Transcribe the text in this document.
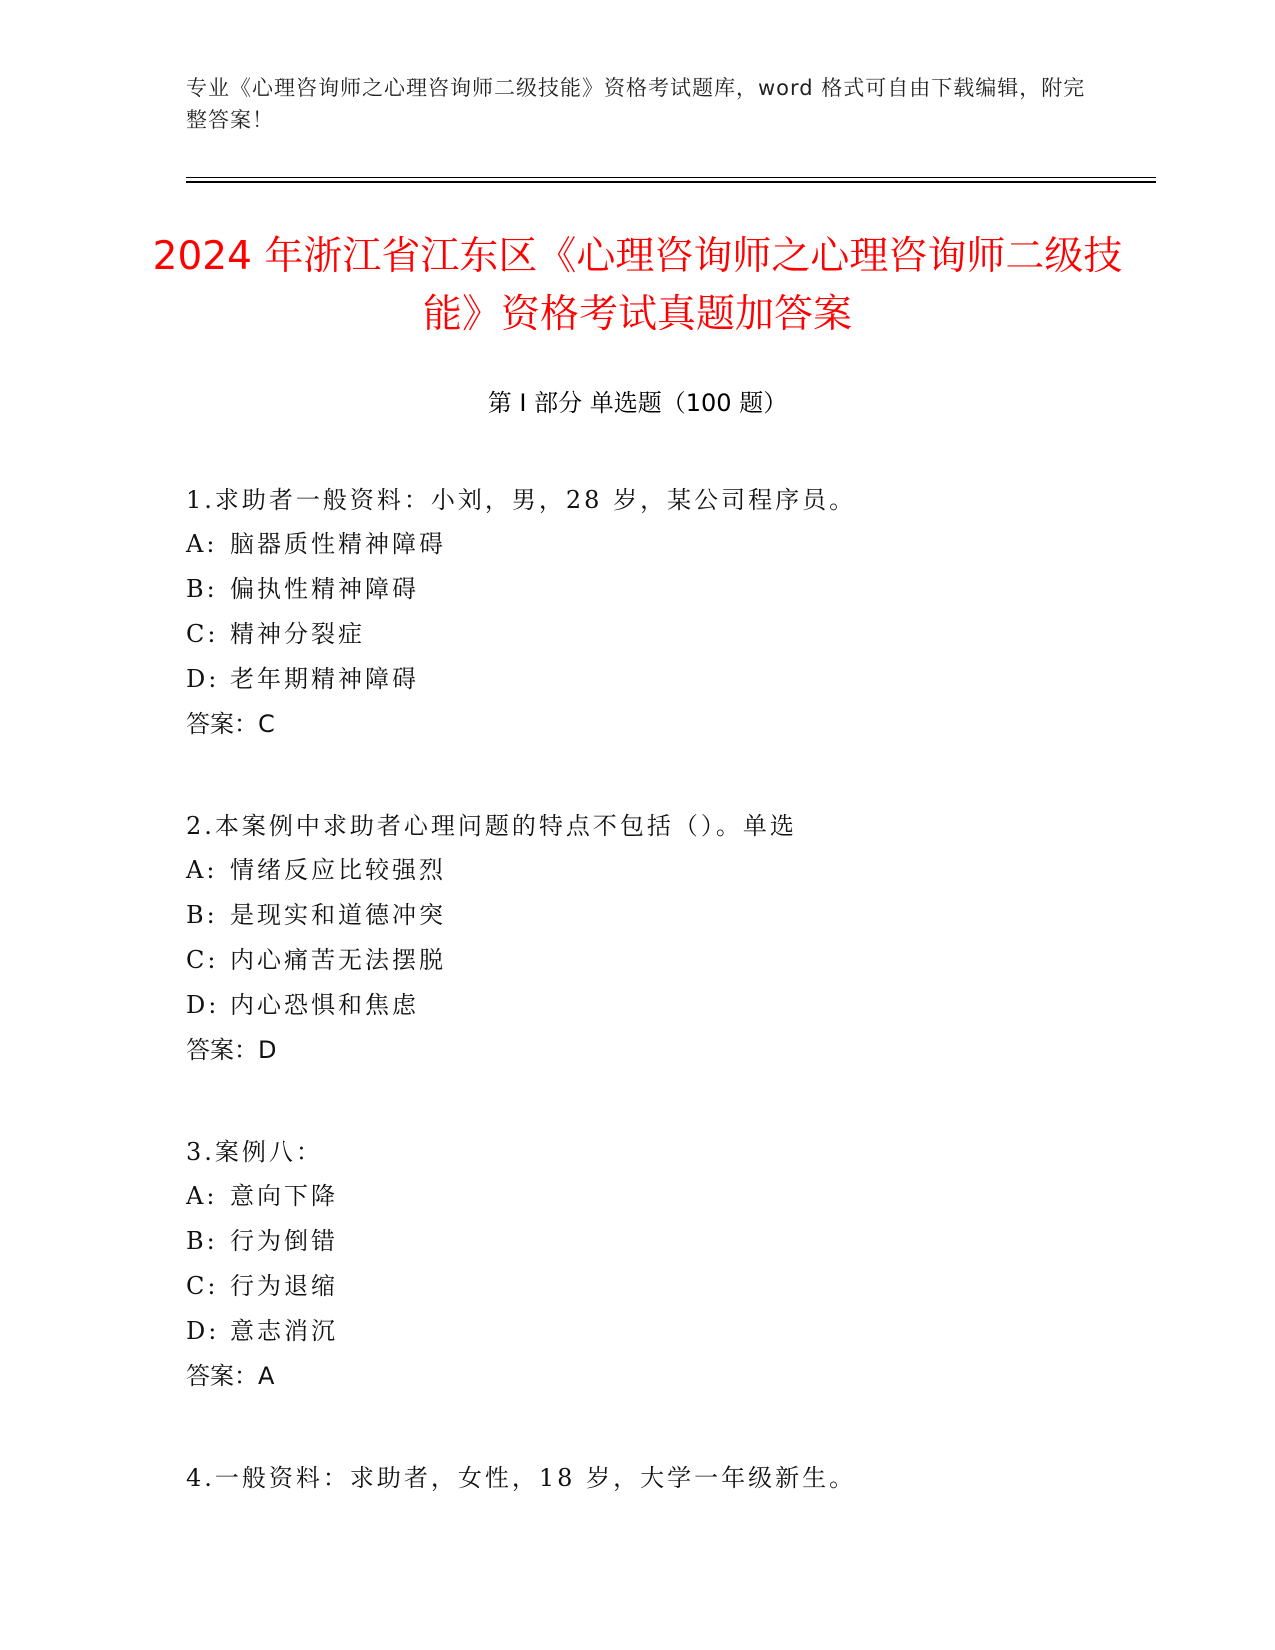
专业《心理咨询师之心理咨询师二级技能》资格考试题库，word 格式可自由下载编辑，附完整答案！
2024 年浙江省江东区《心理咨询师之心理咨询师二级技能》资格考试真题加答案
第 I 部分 单选题（100 题）

1.求助者一般资料：小刘，男，28 岁，某公司程序员。

A: 脑器质性精神障碍
B: 偏执性精神障碍
C: 精神分裂症
D: 老年期精神障碍

答案：C

2.本案例中求助者心理问题的特点不包括（）。单选

A: 情绪反应比较强烈
B: 是现实和道德冲突
C: 内心痛苦无法摆脱
D: 内心恐惧和焦虑

答案：D

3.案例八：

A: 意向下降
B: 行为倒错
C: 行为退缩
D: 意志消沉

答案：A

4.一般资料：求助者，女性，18 岁，大学一年级新生。
